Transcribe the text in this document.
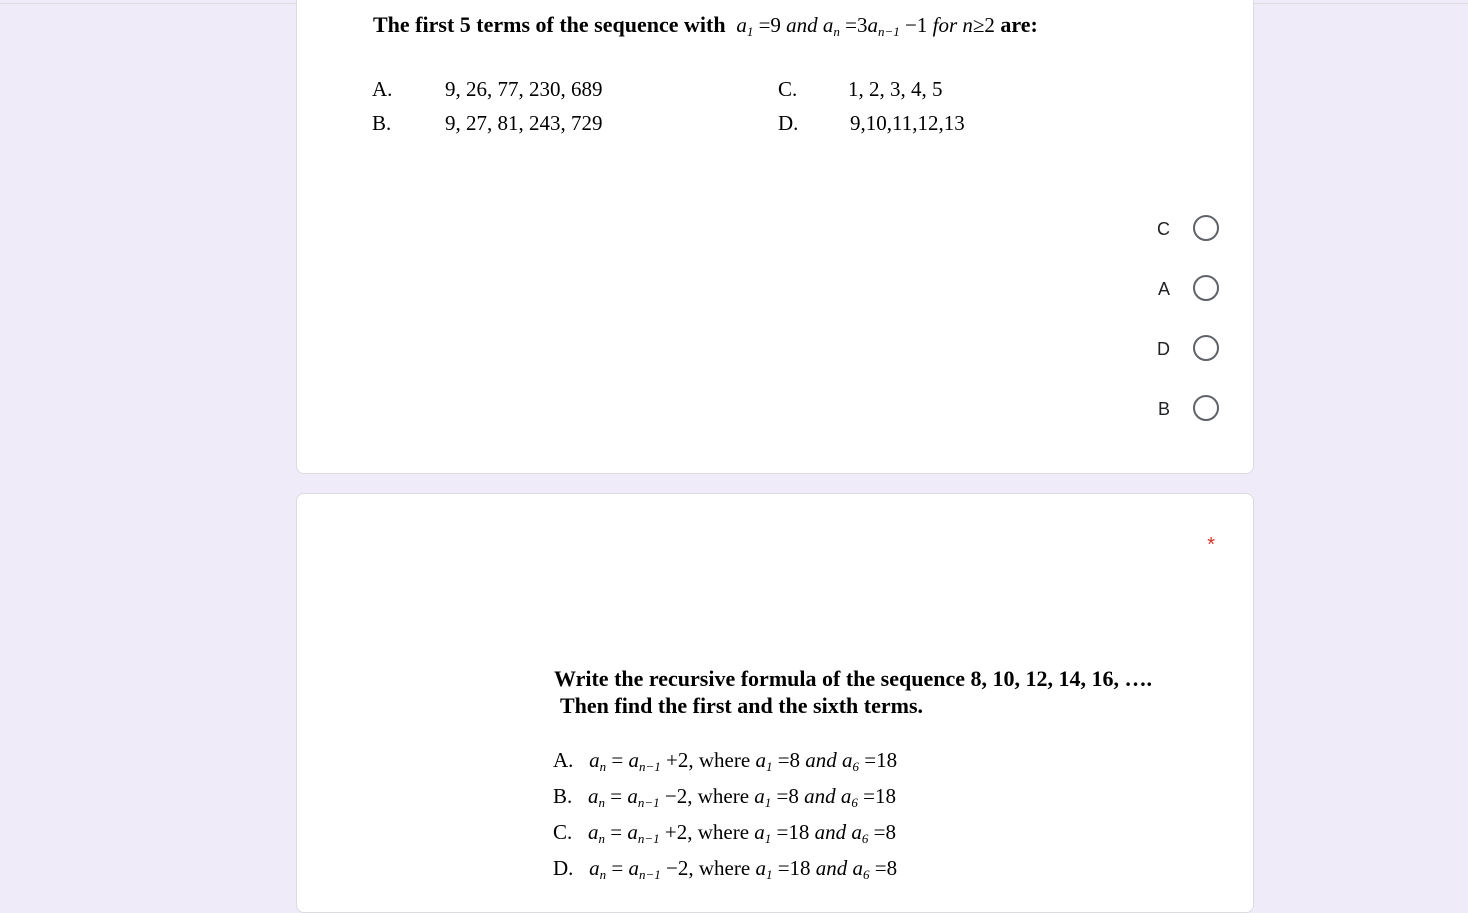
The first 5 terms of the sequence with  $a_1 =9$ and $a_n =3a_{n-1} -1$ for n≥2 are:
A.	9, 26, 77, 230, 689
B.	9, 27, 81, 243, 729
C. 1, 2, 3, 4, 5
D. 9,10,11,12,13
C
A
D
B
*
Write the recursive formula of the sequence 8, 10, 12, 14, 16, ….
Then find the first and the sixth terms.
A.   $a_n = a_{n-1} +2$, where $a_1 =8$ and $a_6 =18$
B.   $a_n = a_{n-1} -2$, where $a_1 =8$ and $a_6 =18$
C.   $a_n = a_{n-1} +2$, where $a_1 =18$ and $a_6 =8$
D.   $a_n = a_{n-1} -2$, where $a_1 =18$ and $a_6 =8$
